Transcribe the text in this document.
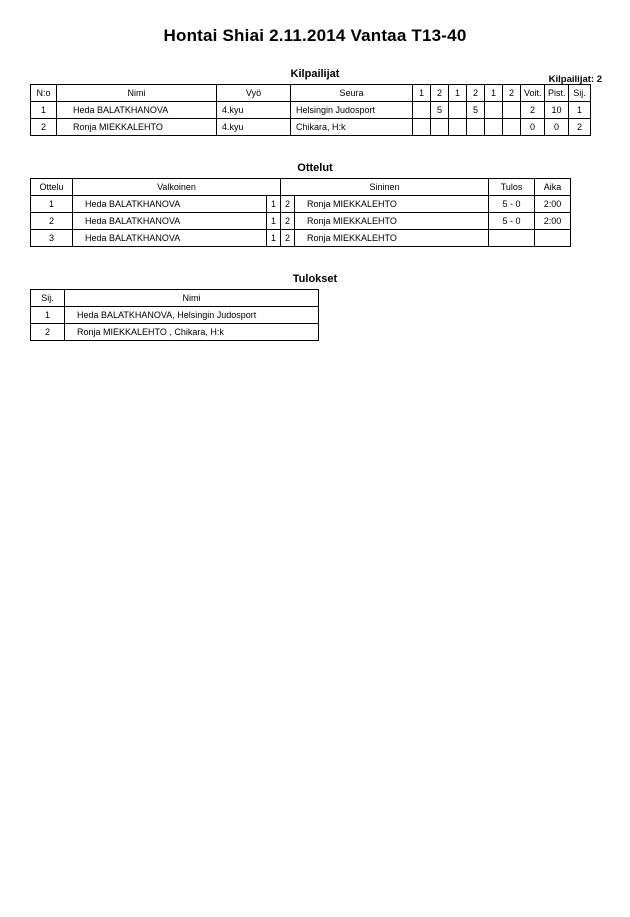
Hontai Shiai 2.11.2014 Vantaa T13-40
Kilpailijat: 2
Kilpailijat
N:o	Nimi	Vyö	Seura	1	2	1	2	1	2	Voit.	Pist.	Sij.
1	Heda BALATKHANOVA	4.kyu	Helsingin Judosport		5		5			2	10	1
2	Ronja MIEKKALEHTO	4.kyu	Chikara, H:k							0	0	2
Ottelut
Ottelu	Valkoinen		Sininen		Tulos	Aika
1	Heda BALATKHANOVA	1	2	Ronja MIEKKALEHTO	5 - 0	2:00
2	Heda BALATKHANOVA	1	2	Ronja MIEKKALEHTO	5 - 0	2:00
3	Heda BALATKHANOVA	1	2	Ronja MIEKKALEHTO		
Tulokset
Sij.	Nimi
1	Heda BALATKHANOVA, Helsingin Judosport
2	Ronja MIEKKALEHTO , Chikara, H:k
